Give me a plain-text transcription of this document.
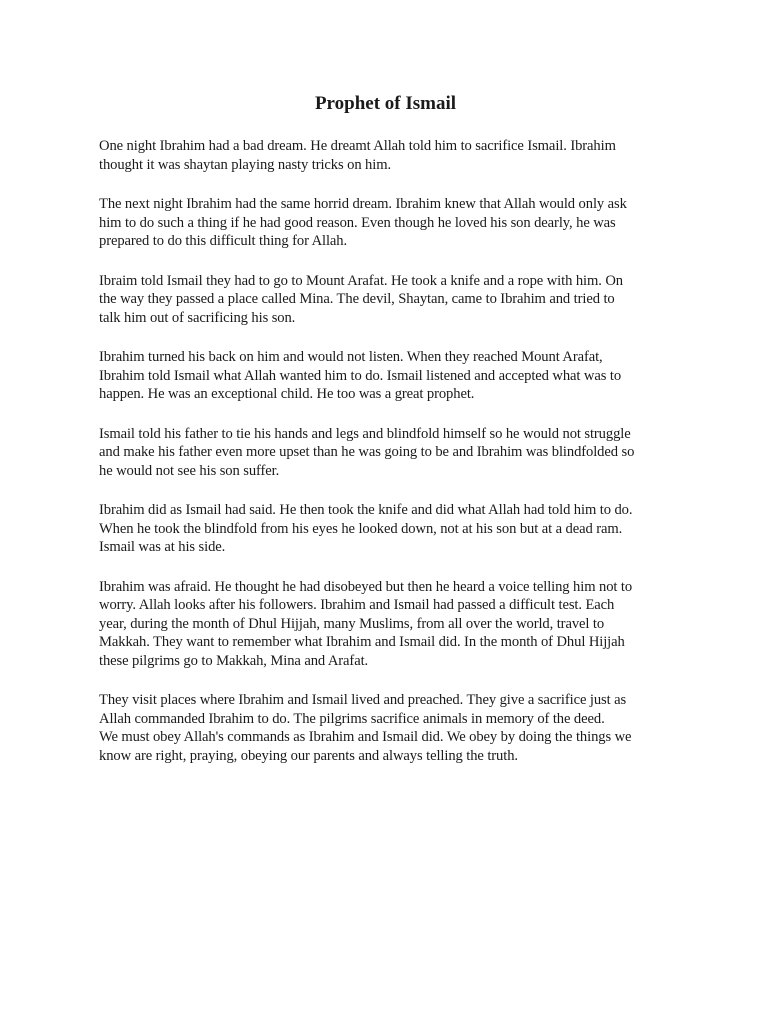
Prophet of Ismail

One night Ibrahim had a bad dream. He dreamt Allah told him to sacrifice Ismail. Ibrahim
thought it was shaytan playing nasty tricks on him.

The next night Ibrahim had the same horrid dream. Ibrahim knew that Allah would only ask
him to do such a thing if he had good reason. Even though he loved his son dearly, he was
prepared to do this difficult thing for Allah.

Ibraim told Ismail they had to go to Mount Arafat. He took a knife and a rope with him. On
the way they passed a place called Mina. The devil, Shaytan, came to Ibrahim and tried to
talk him out of sacrificing his son.

Ibrahim turned his back on him and would not listen. When they reached Mount Arafat,
Ibrahim told Ismail what Allah wanted him to do. Ismail listened and accepted what was to
happen. He was an exceptional child. He too was a great prophet.

Ismail told his father to tie his hands and legs and blindfold himself so he would not struggle
and make his father even more upset than he was going to be and Ibrahim was blindfolded so
he would not see his son suffer.

Ibrahim did as Ismail had said. He then took the knife and did what Allah had told him to do.
When he took the blindfold from his eyes he looked down, not at his son but at a dead ram.
Ismail was at his side.

Ibrahim was afraid. He thought he had disobeyed but then he heard a voice telling him not to
worry. Allah looks after his followers. Ibrahim and Ismail had passed a difficult test. Each
year, during the month of Dhul Hijjah, many Muslims, from all over the world, travel to
Makkah. They want to remember what Ibrahim and Ismail did. In the month of Dhul Hijjah
these pilgrims go to Makkah, Mina and Arafat.

They visit places where Ibrahim and Ismail lived and preached. They give a sacrifice just as
Allah commanded Ibrahim to do. The pilgrims sacrifice animals in memory of the deed.
We must obey Allah's commands as Ibrahim and Ismail did. We obey by doing the things we
know are right, praying, obeying our parents and always telling the truth.
